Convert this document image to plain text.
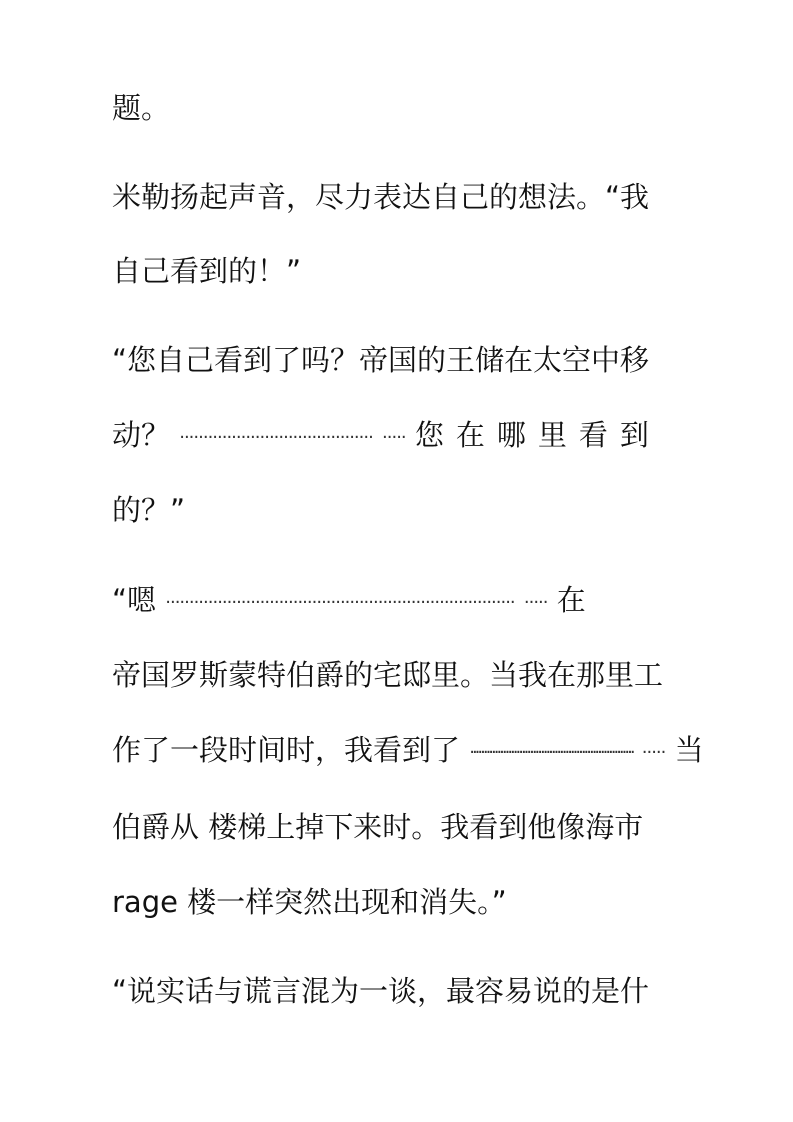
题。
米勒扬起声音，尽力表达自己的想法。“我
自己看到的！”
“您自己看到了吗？帝国的王储在太空中移
动？ ········································· ····· 您在哪里看到
的？”
“嗯 ·········································································· ····· 在
帝国罗斯蒙特伯爵的宅邸里。当我在那里工
作了一段时间时，我看到了 ···························································· ····· 当
伯爵从 楼梯上掉下来时。我看到他像海市
rage 楼一样突然出现和消失。”
“说实话与谎言混为一谈，最容易说的是什
